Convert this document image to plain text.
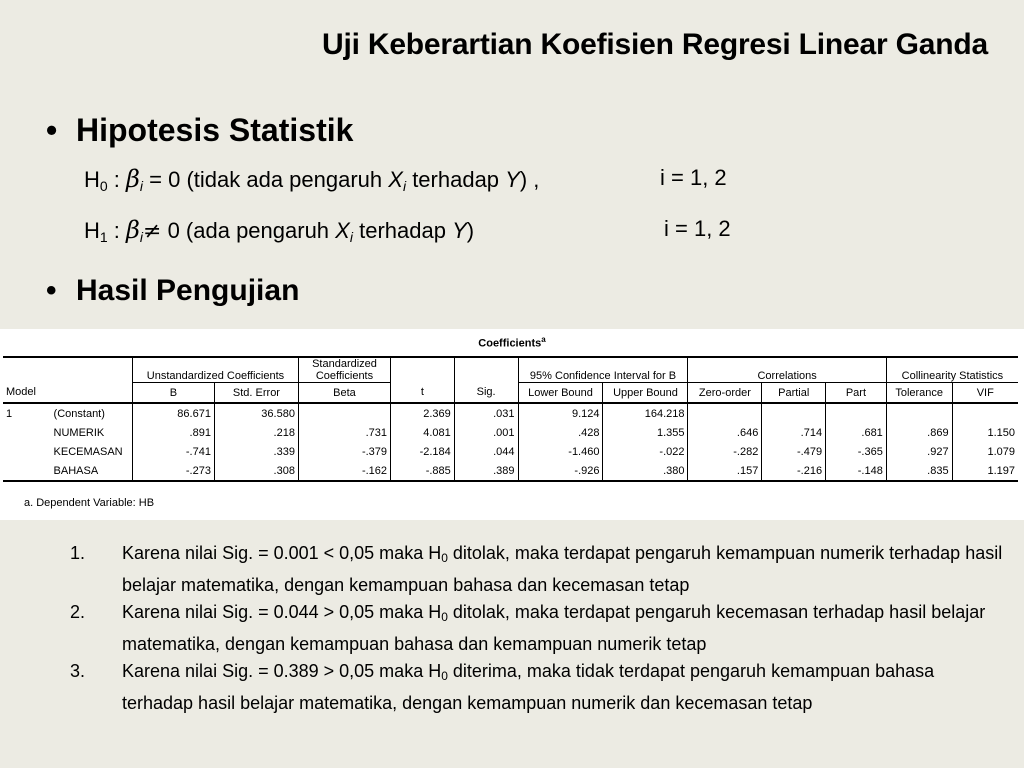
Uji Keberartian Koefisien Regresi Linear Ganda
• Hipotesis Statistik
$H_0$ : $\beta_i = 0$ (tidak ada pengaruh $X_i$ terhadap Y) ,	i = 1, 2
$H_1$ : $\beta_i\ne 0$ (ada pengaruh $X_i$ terhadap Y)	i = 1, 2
• Hasil Pengujian
Coefficients$^a$
		Unstandardized Coefficients		Standardized Coefficients			95% Confidence Interval for B		Correlations			Collinearity Statistics	
Model		B	Std. Error	Beta	t	Sig.	Lower Bound	Upper Bound	Zero-order	Partial	Part	Tolerance	VIF
1	(Constant)	86.671	36.580		2.369	.031	9.124	164.218					
	NUMERIK	.891	.218	.731	4.081	.001	.428	1.355	.646	.714	.681	.869	1.150
	KECEMASAN	-.741	.339	-.379	-2.184	.044	-1.460	-.022	-.282	-.479	-.365	.927	1.079
	BAHASA	-.273	.308	-.162	-.885	.389	-.926	.380	.157	-.216	-.148	.835	1.197
a. Dependent Variable: HB
1. Karena nilai Sig. = 0.001 < 0,05 maka $H_0$ ditolak, maka terdapat pengaruh kemampuan numerik terhadap hasil belajar matematika, dengan kemampuan bahasa dan kecemasan tetap
2. Karena nilai Sig. = 0.044 > 0,05 maka $H_0$ ditolak, maka terdapat pengaruh kecemasan terhadap hasil belajar matematika, dengan kemampuan bahasa dan kemampuan numerik tetap
3. Karena nilai Sig. = 0.389 > 0,05 maka $H_0$ diterima, maka tidak terdapat pengaruh kemampuan bahasa terhadap hasil belajar matematika, dengan kemampuan numerik dan kecemasan tetap
